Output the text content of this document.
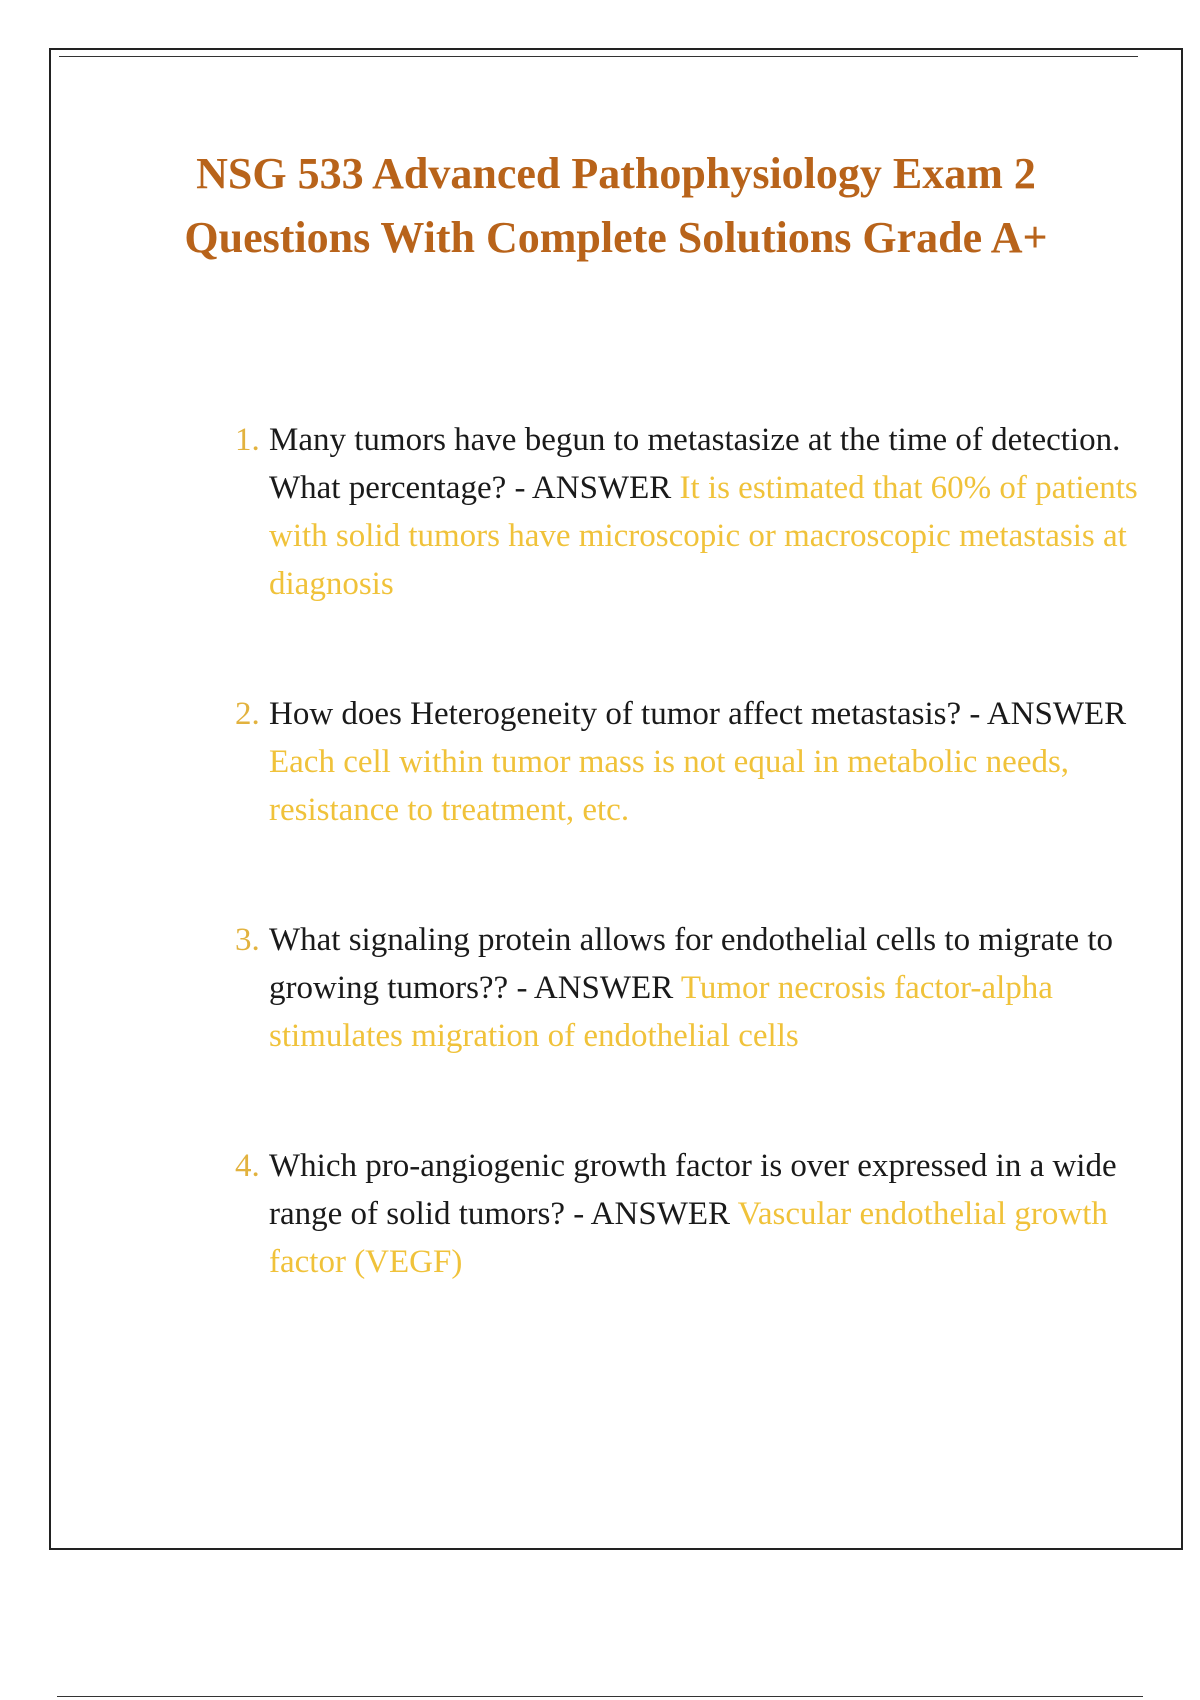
NSG 533 Advanced Pathophysiology Exam 2 Questions With Complete Solutions Grade A+
1. Many tumors have begun to metastasize at the time of detection. What percentage? - ANSWER It is estimated that 60% of patients with solid tumors have microscopic or macroscopic metastasis at diagnosis
2. How does Heterogeneity of tumor affect metastasis? - ANSWER Each cell within tumor mass is not equal in metabolic needs, resistance to treatment, etc.
3. What signaling protein allows for endothelial cells to migrate to growing tumors?? - ANSWER Tumor necrosis factor-alpha stimulates migration of endothelial cells
4. Which pro-angiogenic growth factor is over expressed in a wide range of solid tumors? - ANSWER Vascular endothelial growth factor (VEGF)
